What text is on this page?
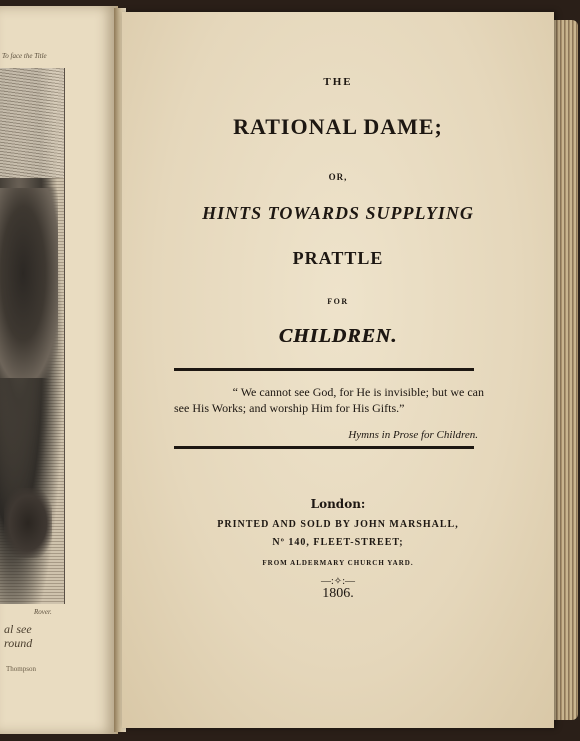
To face the Title
Rover.
al see
round
Thompson
THE
RATIONAL DAME;
OR,
HINTS TOWARDS SUPPLYING
PRATTLE
FOR
CHILDREN.
“ We cannot see God, for He is invisible; but we can
see His Works; and worship Him for His Gifts.”
Hymns in Prose for Children.
London:
PRINTED AND SOLD BY JOHN MARSHALL,
Nº 140, FLEET-STREET;
FROM ALDERMARY CHURCH YARD.
—:✧:—
1806.
